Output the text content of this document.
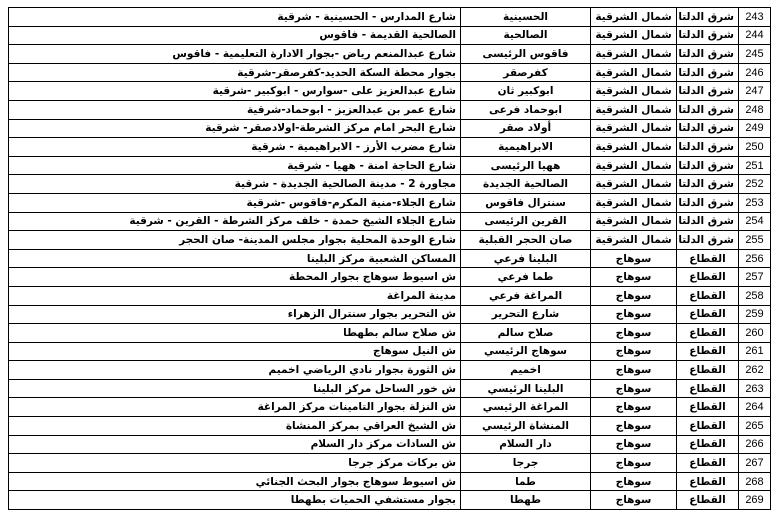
243	شرق الدلتا	شمال الشرقية	الحسينية	شارع المدارس - الحسينية - شرقية
244	شرق الدلتا	شمال الشرقية	الصالحية	الصالحية القديمة - فاقوس
245	شرق الدلتا	شمال الشرقية	فاقوس الرئيسى	شارع عبدالمنعم رياض -بجوار الادارة التعليمية - فاقوس
246	شرق الدلتا	شمال الشرقية	كفرصقر	بجوار محطة السكة الحديد-كفرصقر-شرقية
247	شرق الدلتا	شمال الشرقية	ابوكبير ثان	شارع عبدالعزيز على -سوارس - ابوكبير -شرقية
248	شرق الدلتا	شمال الشرقية	ابوحماد فرعى	شارع عمر بن عبدالعزيز - ابوحماد-شرقية
249	شرق الدلتا	شمال الشرقية	أولاد صقر	شارع البحر امام مركز الشرطة-اولادصقر- شرقية
250	شرق الدلتا	شمال الشرقية	الابراهيمية	شارع مضرب الأرز - الابراهيمية - شرقية
251	شرق الدلتا	شمال الشرقية	ههيا الرئيسى	شارع الحاجة امنة - ههيا - شرقية
252	شرق الدلتا	شمال الشرقية	الصالحية الجديدة	مجاورة 2 - مدينة الصالحية الجديدة - شرقية
253	شرق الدلتا	شمال الشرقية	سنترال فاقوس	شارع الجلاء-منية المكرم-فاقوس -شرقية
254	شرق الدلتا	شمال الشرقية	القرين الرئيسى	شارع الجلاء الشيخ حمدة - خلف مركز الشرطة - القرين - شرقية
255	شرق الدلتا	شمال الشرقية	صان الحجر القبلية	شارع الوحدة المحلية بجوار مجلس المدينة- صان الحجر
256	القطاع	سوهاج	البلينا فرعي	المساكن الشعبية مركز البلينا
257	القطاع	سوهاج	طما فرعي	ش اسيوط سوهاج بجوار المحطة
258	القطاع	سوهاج	المراغة فرعي	مدينة المراغة
259	القطاع	سوهاج	شارع التحرير	ش التحرير بجوار سنترال الزهراء
260	القطاع	سوهاج	صلاح سالم	ش صلاح سالم بطهطا
261	القطاع	سوهاج	سوهاج الرئيسي	ش النيل سوهاج
262	القطاع	سوهاج	اخميم	ش الثورة بجوار نادي الرياضي اخميم
263	القطاع	سوهاج	البلينا الرئيسي	ش خور الساحل مركز البلينا
264	القطاع	سوهاج	المراغة الرئيسي	ش النزلة بجوار التامينات مركز المراغة
265	القطاع	سوهاج	المنشاة الرئيسي	ش الشيخ العراقي بمركز المنشاة
266	القطاع	سوهاج	دار السلام	ش السادات مركز دار السلام
267	القطاع	سوهاج	جرجا	ش بركات مركز جرجا
268	القطاع	سوهاج	طما	ش اسيوط سوهاج بجوار البحث الجنائي
269	القطاع	سوهاج	طهطا	بجوار مستشفي الحميات بطهطا
